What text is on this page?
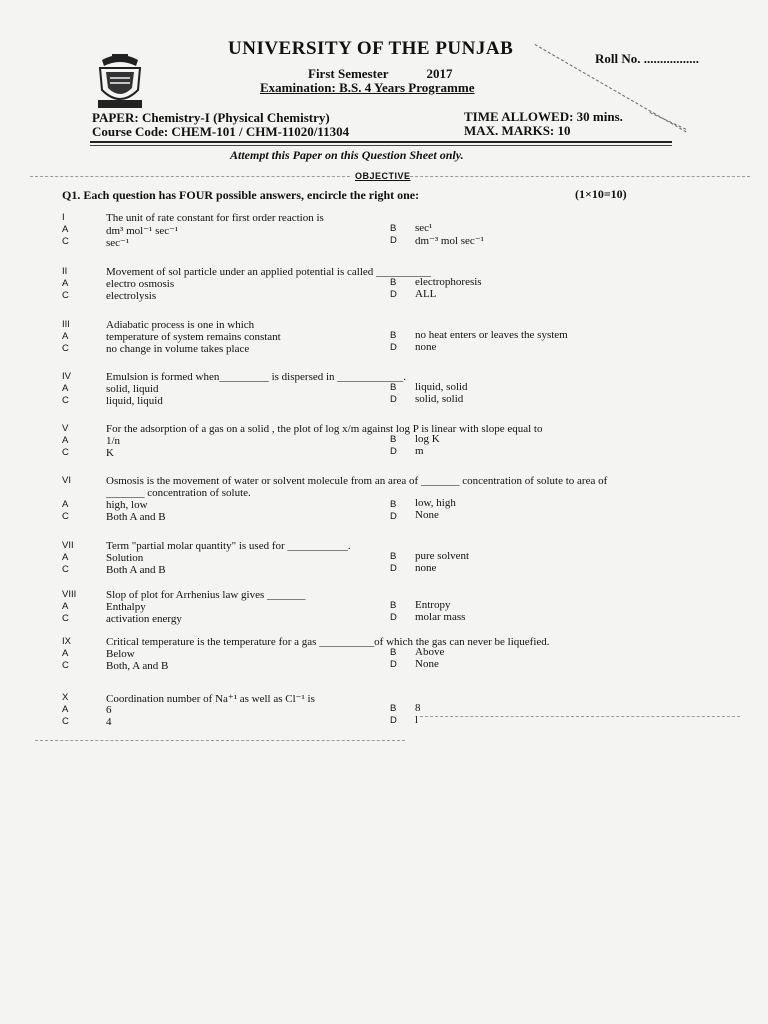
UNIVERSITY OF THE PUNJAB	Roll No. .................
First Semester	2017
Examination: B.S. 4 Years Programme
PAPER: Chemistry-I (Physical Chemistry)
Course Code: CHEM-101 / CHM-11020/11304
TIME ALLOWED: 30 mins.
MAX. MARKS: 10
Attempt this Paper on this Question Sheet only.
OBJECTIVE
Q1. Each question has FOUR possible answers, encircle the right one:	(1×10=10)
I	The unit of rate constant for first order reaction is
A	dm³ mol⁻¹ sec⁻¹	B sec¹
C	sec⁻¹	D dm⁻³ mol sec⁻¹
II	Movement of sol particle under an applied potential is called __________
A	electro osmosis	B electrophoresis
C	electrolysis	D ALL
III	Adiabatic process is one in which
A	temperature of system remains constant	B no heat enters or leaves the system
C	no change in volume takes place	D none
IV	Emulsion is formed when_________ is dispersed in ____________.
A	solid, liquid	B liquid, solid
C	liquid, liquid	D solid, solid
V	For the adsorption of a gas on a solid , the plot of log x/m against log P is linear with slope equal to
A	1/n	B log K
C	K	D m
VI	Osmosis is the movement of water or solvent molecule from an area of _______ concentration of solute to area of
_______ concentration of solute.
A	high, low	B low, high
C	Both A and B	D None
VII	Term "partial molar quantity" is used for ___________.
A	Solution	B pure solvent
C	Both A and B	D none
VIII	Slop of plot for Arrhenius law gives _______
A	Enthalpy	B Entropy
C	activation energy	D molar mass
IX	Critical temperature is the temperature for a gas __________of which the gas can never be liquefied.
A	Below	B Above
C	Both, A and B	D None
X	Coordination number of Na⁺¹ as well as Cl⁻¹ is
A	6	B 8
C	4	D l
